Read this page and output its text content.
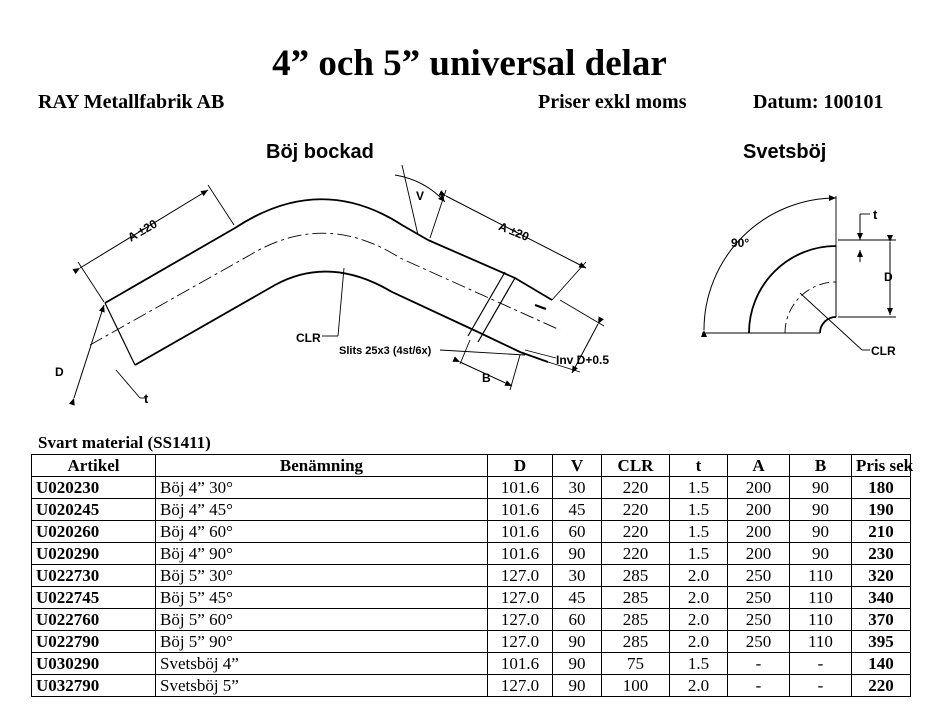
4” och 5” universal delar
RAY Metallfabrik AB	Priser exkl moms	Datum: 100101
Böj bockad
A ±20	A ±20
V
CLR
Slits 25x3 (4st/6x)
Inv D+0.5
B
D
t
Svetsböj
90°
t
D
CLR
Svart material (SS1411)
Artikel	Benämning	D	V	CLR	t	A	B	Pris sek
U020230	Böj 4” 30°	101.6	30	220	1.5	200	90	180
U020245	Böj 4” 45°	101.6	45	220	1.5	200	90	190
U020260	Böj 4” 60°	101.6	60	220	1.5	200	90	210
U020290	Böj 4” 90°	101.6	90	220	1.5	200	90	230
U022730	Böj 5” 30°	127.0	30	285	2.0	250	110	320
U022745	Böj 5” 45°	127.0	45	285	2.0	250	110	340
U022760	Böj 5” 60°	127.0	60	285	2.0	250	110	370
U022790	Böj 5” 90°	127.0	90	285	2.0	250	110	395
U030290	Svetsböj 4”	101.6	90	75	1.5	-	-	140
U032790	Svetsböj 5”	127.0	90	100	2.0	-	-	220
